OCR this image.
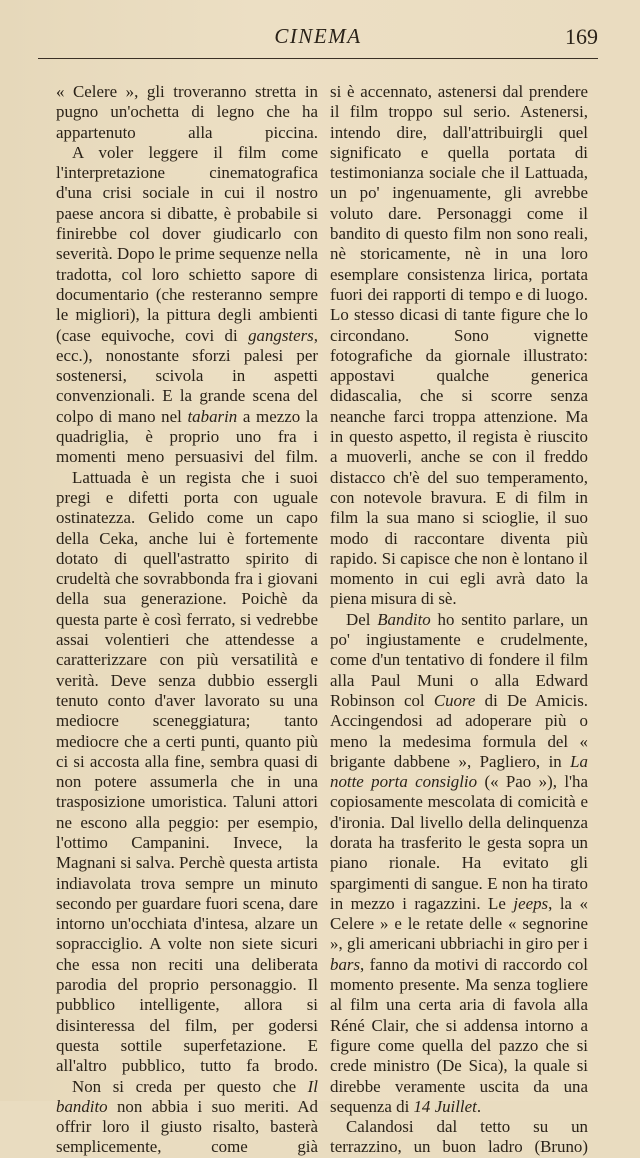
CINEMA	169

« Celere », gli troveranno stretta in pugno un'ochetta di legno che ha appartenuto alla piccina.

A voler leggere il film come l'interpretazione cinematografica d'una crisi sociale in cui il nostro paese ancora si dibatte, è probabile si finirebbe col dover giudicarlo con severità. Dopo le prime sequenze nella tradotta, col loro schietto sapore di documentario (che resteranno sempre le migliori), la pittura degli ambienti (case equivoche, covi di gangsters, ecc.), nonostante sforzi palesi per sostenersi, scivola in aspetti convenzionali. E la grande scena del colpo di mano nel tabarin a mezzo la quadriglia, è proprio uno fra i momenti meno persuasivi del film.

Lattuada è un regista che i suoi pregi e difetti porta con uguale ostinatezza. Gelido come un capo della Ceka, anche lui è fortemente dotato di quell'astratto spirito di crudeltà che sovrabbonda fra i giovani della sua generazione. Poichè da questa parte è così ferrato, si vedrebbe assai volentieri che attendesse a caratterizzare con più versatilità e verità. Deve senza dubbio essergli tenuto conto d'aver lavorato su una mediocre sceneggiatura; tanto mediocre che a certi punti, quanto più ci si accosta alla fine, sembra quasi di non potere assumerla che in una trasposizione umoristica. Taluni attori ne escono alla peggio: per esempio, l'ottimo Campanini. Invece, la Magnani si salva. Perchè questa artista indiavolata trova sempre un minuto secondo per guardare fuori scena, dare intorno un'occhiata d'intesa, alzare un sopracciglio. A volte non siete sicuri che essa non reciti una deliberata parodia del proprio personaggio. Il pubblico intelligente, allora si disinteressa del film, per godersi questa sottile superfetazione. E all'altro pubblico, tutto fa brodo.

Non si creda per questo che Il bandito non abbia i suo meriti. Ad offrir loro il giusto risalto, basterà semplicemente, come già

si è accennato, astenersi dal prendere il film troppo sul serio. Astenersi, intendo dire, dall'attribuirgli quel significato e quella portata di testimonianza sociale che il Lattuada, un po' ingenuamente, gli avrebbe voluto dare. Personaggi come il bandito di questo film non sono reali, nè storicamente, nè in una loro esemplare consistenza lirica, portata fuori dei rapporti di tempo e di luogo. Lo stesso dicasi di tante figure che lo circondano. Sono vignette fotografiche da giornale illustrato: appostavi qualche generica didascalia, che si scorre senza neanche farci troppa attenzione. Ma in questo aspetto, il regista è riuscito a muoverli, anche se con il freddo distacco ch'è del suo temperamento, con notevole bravura. E di film in film la sua mano si scioglie, il suo modo di raccontare diventa più rapido. Si capisce che non è lontano il momento in cui egli avrà dato la piena misura di sè.

Del Bandito ho sentito parlare, un po' ingiustamente e crudelmente, come d'un tentativo di fondere il film alla Paul Muni o alla Edward Robinson col Cuore di De Amicis. Accingendosi ad adoperare più o meno la medesima formula del « brigante dabbene », Pagliero, in La notte porta consiglio (« Pao »), l'ha copiosamente mescolata di comicità e d'ironia. Dal livello della delinquenza dorata ha trasferito le gesta sopra un piano rionale. Ha evitato gli spargimenti di sangue. E non ha tirato in mezzo i ragazzini. Le jeeps, la « Celere » e le retate delle « segnorine », gli americani ubbriachi in giro per i bars, fanno da motivi di raccordo col momento presente. Ma senza togliere al film una certa aria di favola alla Réné Clair, che si addensa intorno a figure come quella del pazzo che si crede ministro (De Sica), la quale si direbbe veramente uscita da una sequenza di 14 Juillet.

Calandosi dal tetto su un terrazzino, un buon ladro (Bruno)
